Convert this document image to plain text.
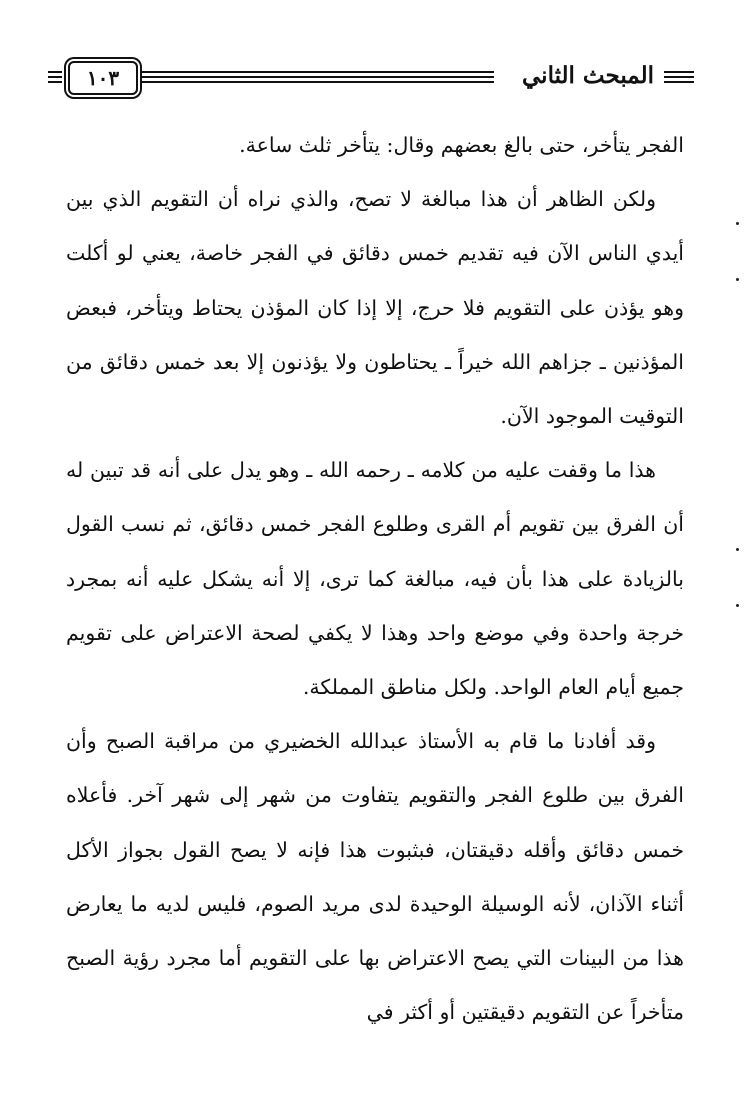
١٠٣	المبحث الثاني

الفجر يتأخر، حتى بالغ بعضهم وقال: يتأخر ثلث ساعة.

ولكن الظاهر أن هذا مبالغة لا تصح، والذي نراه أن التقويم الذي بين أيدي الناس الآن فيه تقديم خمس دقائق في الفجر خاصة، يعني لو أكلت وهو يؤذن على التقويم فلا حرج، إلا إذا كان المؤذن يحتاط ويتأخر، فبعض المؤذنين ـ جزاهم الله خيراً ـ يحتاطون ولا يؤذنون إلا بعد خمس دقائق من التوقيت الموجود الآن.

هذا ما وقفت عليه من كلامه ـ رحمه الله ـ وهو يدل على أنه قد تبين له أن الفرق بين تقويم أم القرى وطلوع الفجر خمس دقائق، ثم نسب القول بالزيادة على هذا بأن فيه، مبالغة كما ترى، إلا أنه يشكل عليه أنه بمجرد خرجة واحدة وفي موضع واحد وهذا لا يكفي لصحة الاعتراض على تقويم جميع أيام العام الواحد. ولكل مناطق المملكة.

وقد أفادنا ما قام به الأستاذ عبدالله الخضيري من مراقبة الصبح وأن الفرق بين طلوع الفجر والتقويم يتفاوت من شهر إلى شهر آخر. فأعلاه خمس دقائق وأقله دقيقتان، فبثبوت هذا فإنه لا يصح القول بجواز الأكل أثناء الآذان، لأنه الوسيلة الوحيدة لدى مريد الصوم، فليس لديه ما يعارض هذا من البينات التي يصح الاعتراض بها على التقويم أما مجرد رؤية الصبح متأخراً عن التقويم دقيقتين أو أكثر في
